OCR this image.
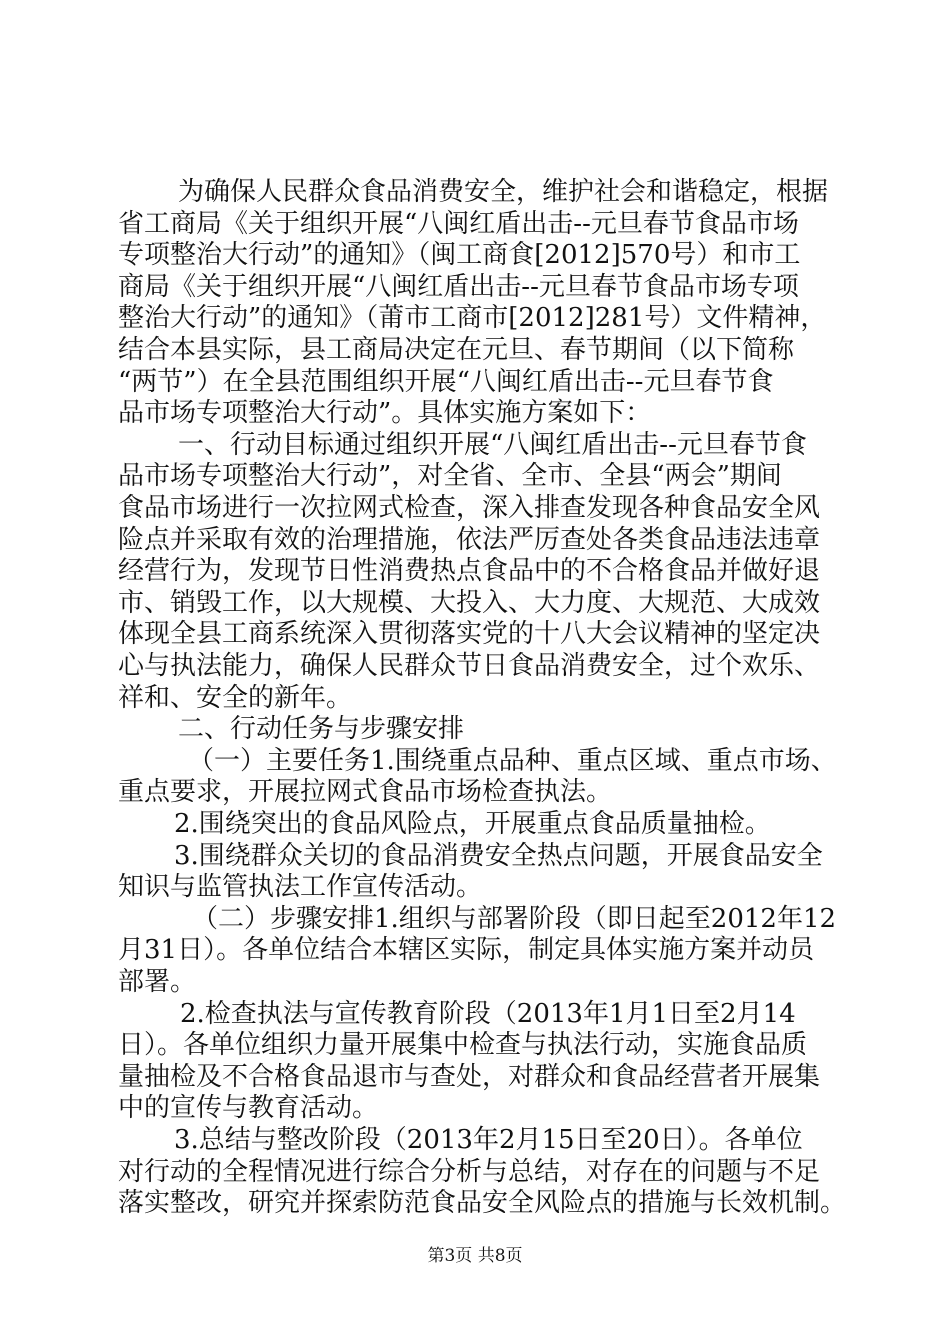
为确保人民群众食品消费安全，维护社会和谐稳定，根据
省工商局《关于组织开展“八闽红盾出击--元旦春节食品市场
专项整治大行动”的通知》（闽工商食[2012]570号）和市工
商局《关于组织开展“八闽红盾出击--元旦春节食品市场专项
整治大行动”的通知》（莆市工商市[2012]281号）文件精神，
结合本县实际，县工商局决定在元旦、春节期间（以下简称
“两节”）在全县范围组织开展“八闽红盾出击--元旦春节食
品市场专项整治大行动”。具体实施方案如下：
一、行动目标通过组织开展“八闽红盾出击--元旦春节食
品市场专项整治大行动”，对全省、全市、全县“两会”期间
食品市场进行一次拉网式检查，深入排查发现各种食品安全风
险点并采取有效的治理措施，依法严厉查处各类食品违法违章
经营行为，发现节日性消费热点食品中的不合格食品并做好退
市、销毁工作，以大规模、大投入、大力度、大规范、大成效
体现全县工商系统深入贯彻落实党的十八大会议精神的坚定决
心与执法能力，确保人民群众节日食品消费安全，过个欢乐、
祥和、安全的新年。
二、行动任务与步骤安排
（一）主要任务1.围绕重点品种、重点区域、重点市场、
重点要求，开展拉网式食品市场检查执法。
2.围绕突出的食品风险点，开展重点食品质量抽检。
3.围绕群众关切的食品消费安全热点问题，开展食品安全
知识与监管执法工作宣传活动。
（二）步骤安排1.组织与部署阶段（即日起至2012年12
月31日）。各单位结合本辖区实际，制定具体实施方案并动员
部署。
2.检查执法与宣传教育阶段（2013年1月1日至2月14
日）。各单位组织力量开展集中检查与执法行动，实施食品质
量抽检及不合格食品退市与查处，对群众和食品经营者开展集
中的宣传与教育活动。
3.总结与整改阶段（2013年2月15日至20日）。各单位
对行动的全程情况进行综合分析与总结，对存在的问题与不足
落实整改，研究并探索防范食品安全风险点的措施与长效机制。
第3页 共8页
